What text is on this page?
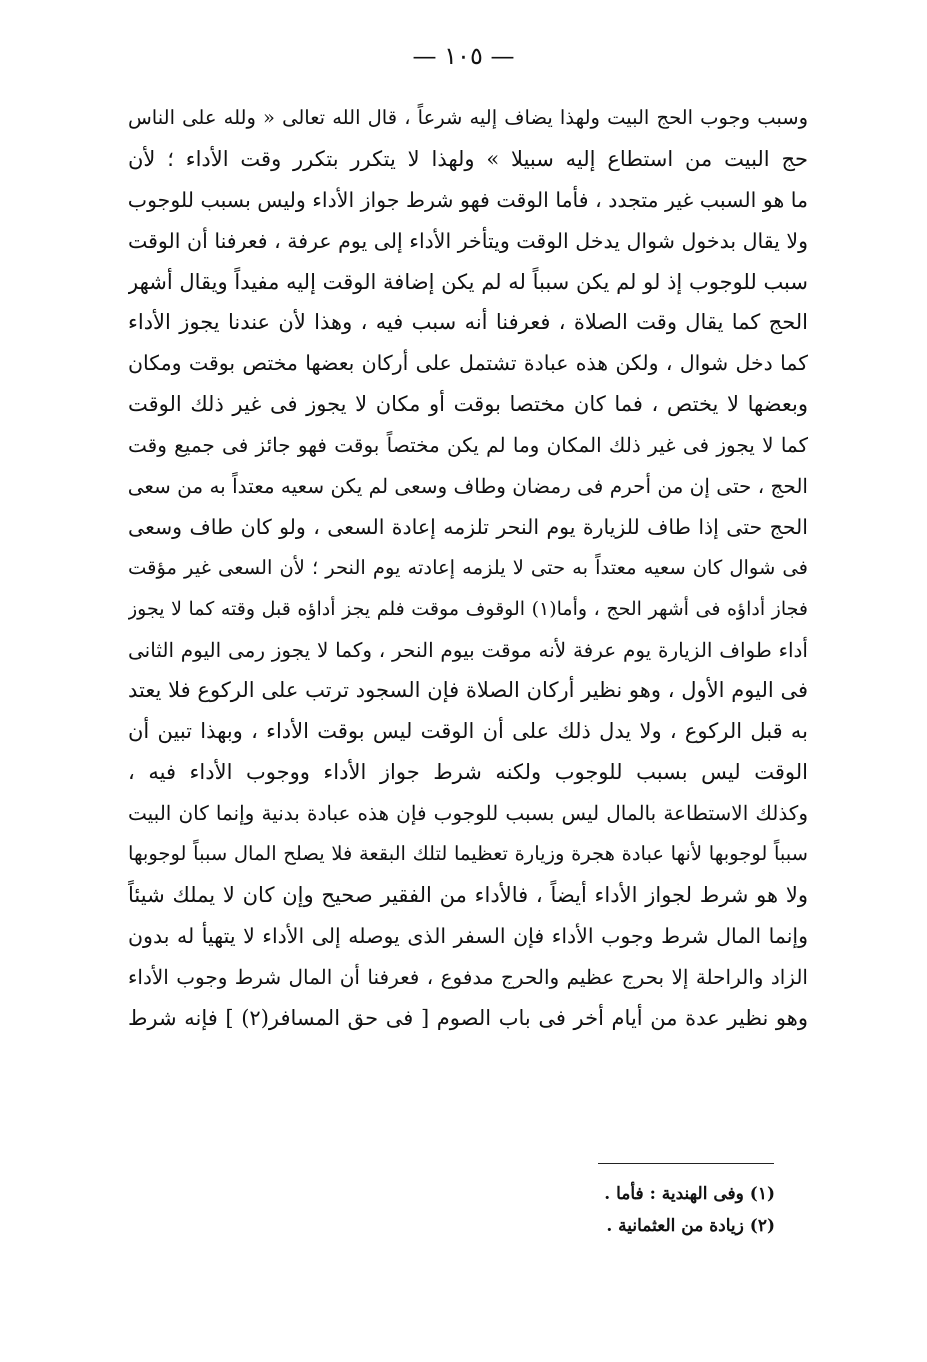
— ١٠٥ —
وسبب وجوب الحج البيت ولهذا يضاف إليه شرعاً ، قال الله تعالى « ولله على الناس
حج البيت من استطاع إليه سبيلا » ولهذا لا يتكرر بتكرر وقت الأداء ؛ لأن
ما هو السبب غير متجدد ، فأما الوقت فهو شرط جواز الأداء وليس بسبب للوجوب
ولا يقال بدخول شوال يدخل الوقت ويتأخر الأداء إلى يوم عرفة ، فعرفنا أن الوقت
سبب للوجوب إذ لو لم يكن سبباً له لم يكن إضافة الوقت إليه مفيداً ويقال أشهر
الحج كما يقال وقت الصلاة ، فعرفنا أنه سبب فيه ، وهذا لأن عندنا يجوز الأداء
كما دخل شوال ، ولكن هذه عبادة تشتمل على أركان بعضها مختص بوقت ومكان
وبعضها لا يختص ، فما كان مختصا بوقت أو مكان لا يجوز فى غير ذلك الوقت
كما لا يجوز فى غير ذلك المكان وما لم يكن مختصاً بوقت فهو جائز فى جميع وقت
الحج ، حتى إن من أحرم فى رمضان وطاف وسعى لم يكن سعيه معتداً به من سعى
الحج حتى إذا طاف للزيارة يوم النحر تلزمه إعادة السعى ، ولو كان طاف وسعى
فى شوال كان سعيه معتداً به حتى لا يلزمه إعادته يوم النحر ؛ لأن السعى غير مؤقت
فجاز أداؤه فى أشهر الحج ، وأما(١) الوقوف موقت فلم يجز أداؤه قبل وقته كما لا يجوز
أداء طواف الزيارة يوم عرفة لأنه موقت بيوم النحر ، وكما لا يجوز رمى اليوم الثانى
فى اليوم الأول ، وهو نظير أركان الصلاة فإن السجود ترتب على الركوع فلا يعتد
به قبل الركوع ، ولا يدل ذلك على أن الوقت ليس بوقت الأداء ، وبهذا تبين أن
الوقت ليس بسبب للوجوب ولكنه شرط جواز الأداء ووجوب الأداء فيه ،
وكذلك الاستطاعة بالمال ليس بسبب للوجوب فإن هذه عبادة بدنية وإنما كان البيت
سبباً لوجوبها لأنها عبادة هجرة وزيارة تعظيما لتلك البقعة فلا يصلح المال سبباً لوجوبها
ولا هو شرط لجواز الأداء أيضاً ، فالأداء من الفقير صحيح وإن كان لا يملك شيئاً
وإنما المال شرط وجوب الأداء فإن السفر الذى يوصله إلى الأداء لا يتهيأ له بدون
الزاد والراحلة إلا بحرج عظيم والحرج مدفوع ، فعرفنا أن المال شرط وجوب الأداء
وهو نظير عدة من أيام أخر فى باب الصوم [ فى حق المسافر(٢) ] فإنه شرط
(١) وفى الهندية : فأما .
(٢) زيادة من العثمانية .
